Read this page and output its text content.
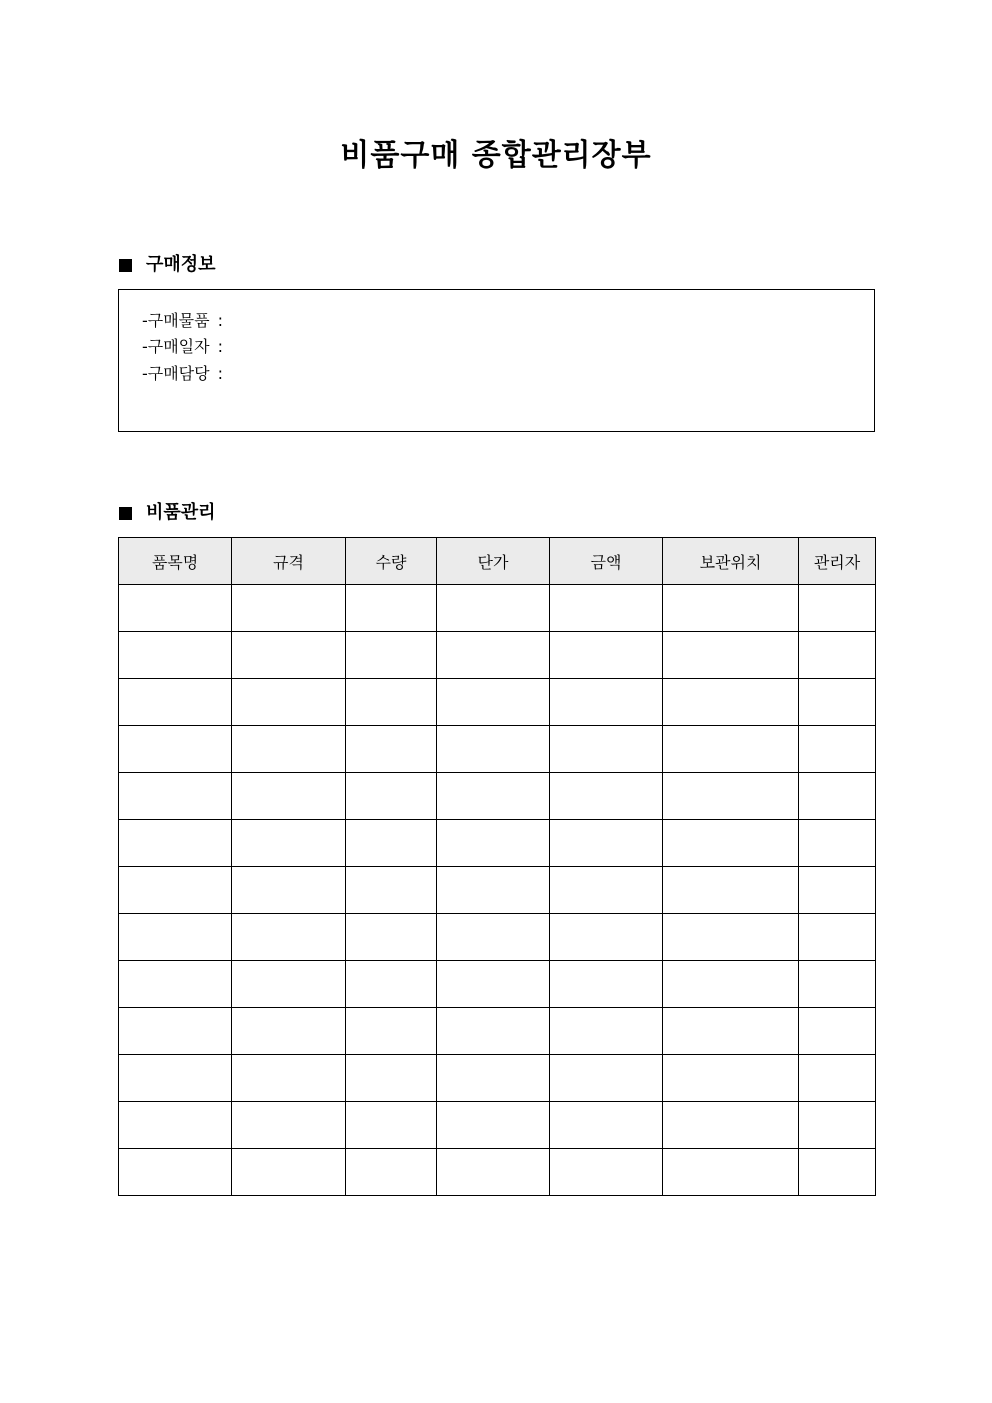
비품구매 종합관리장부
구매정보
-구매물품 :
-구매일자 :
-구매담당 :
비품관리
품목명	규격	수량	단가	금액	보관위치	관리자
